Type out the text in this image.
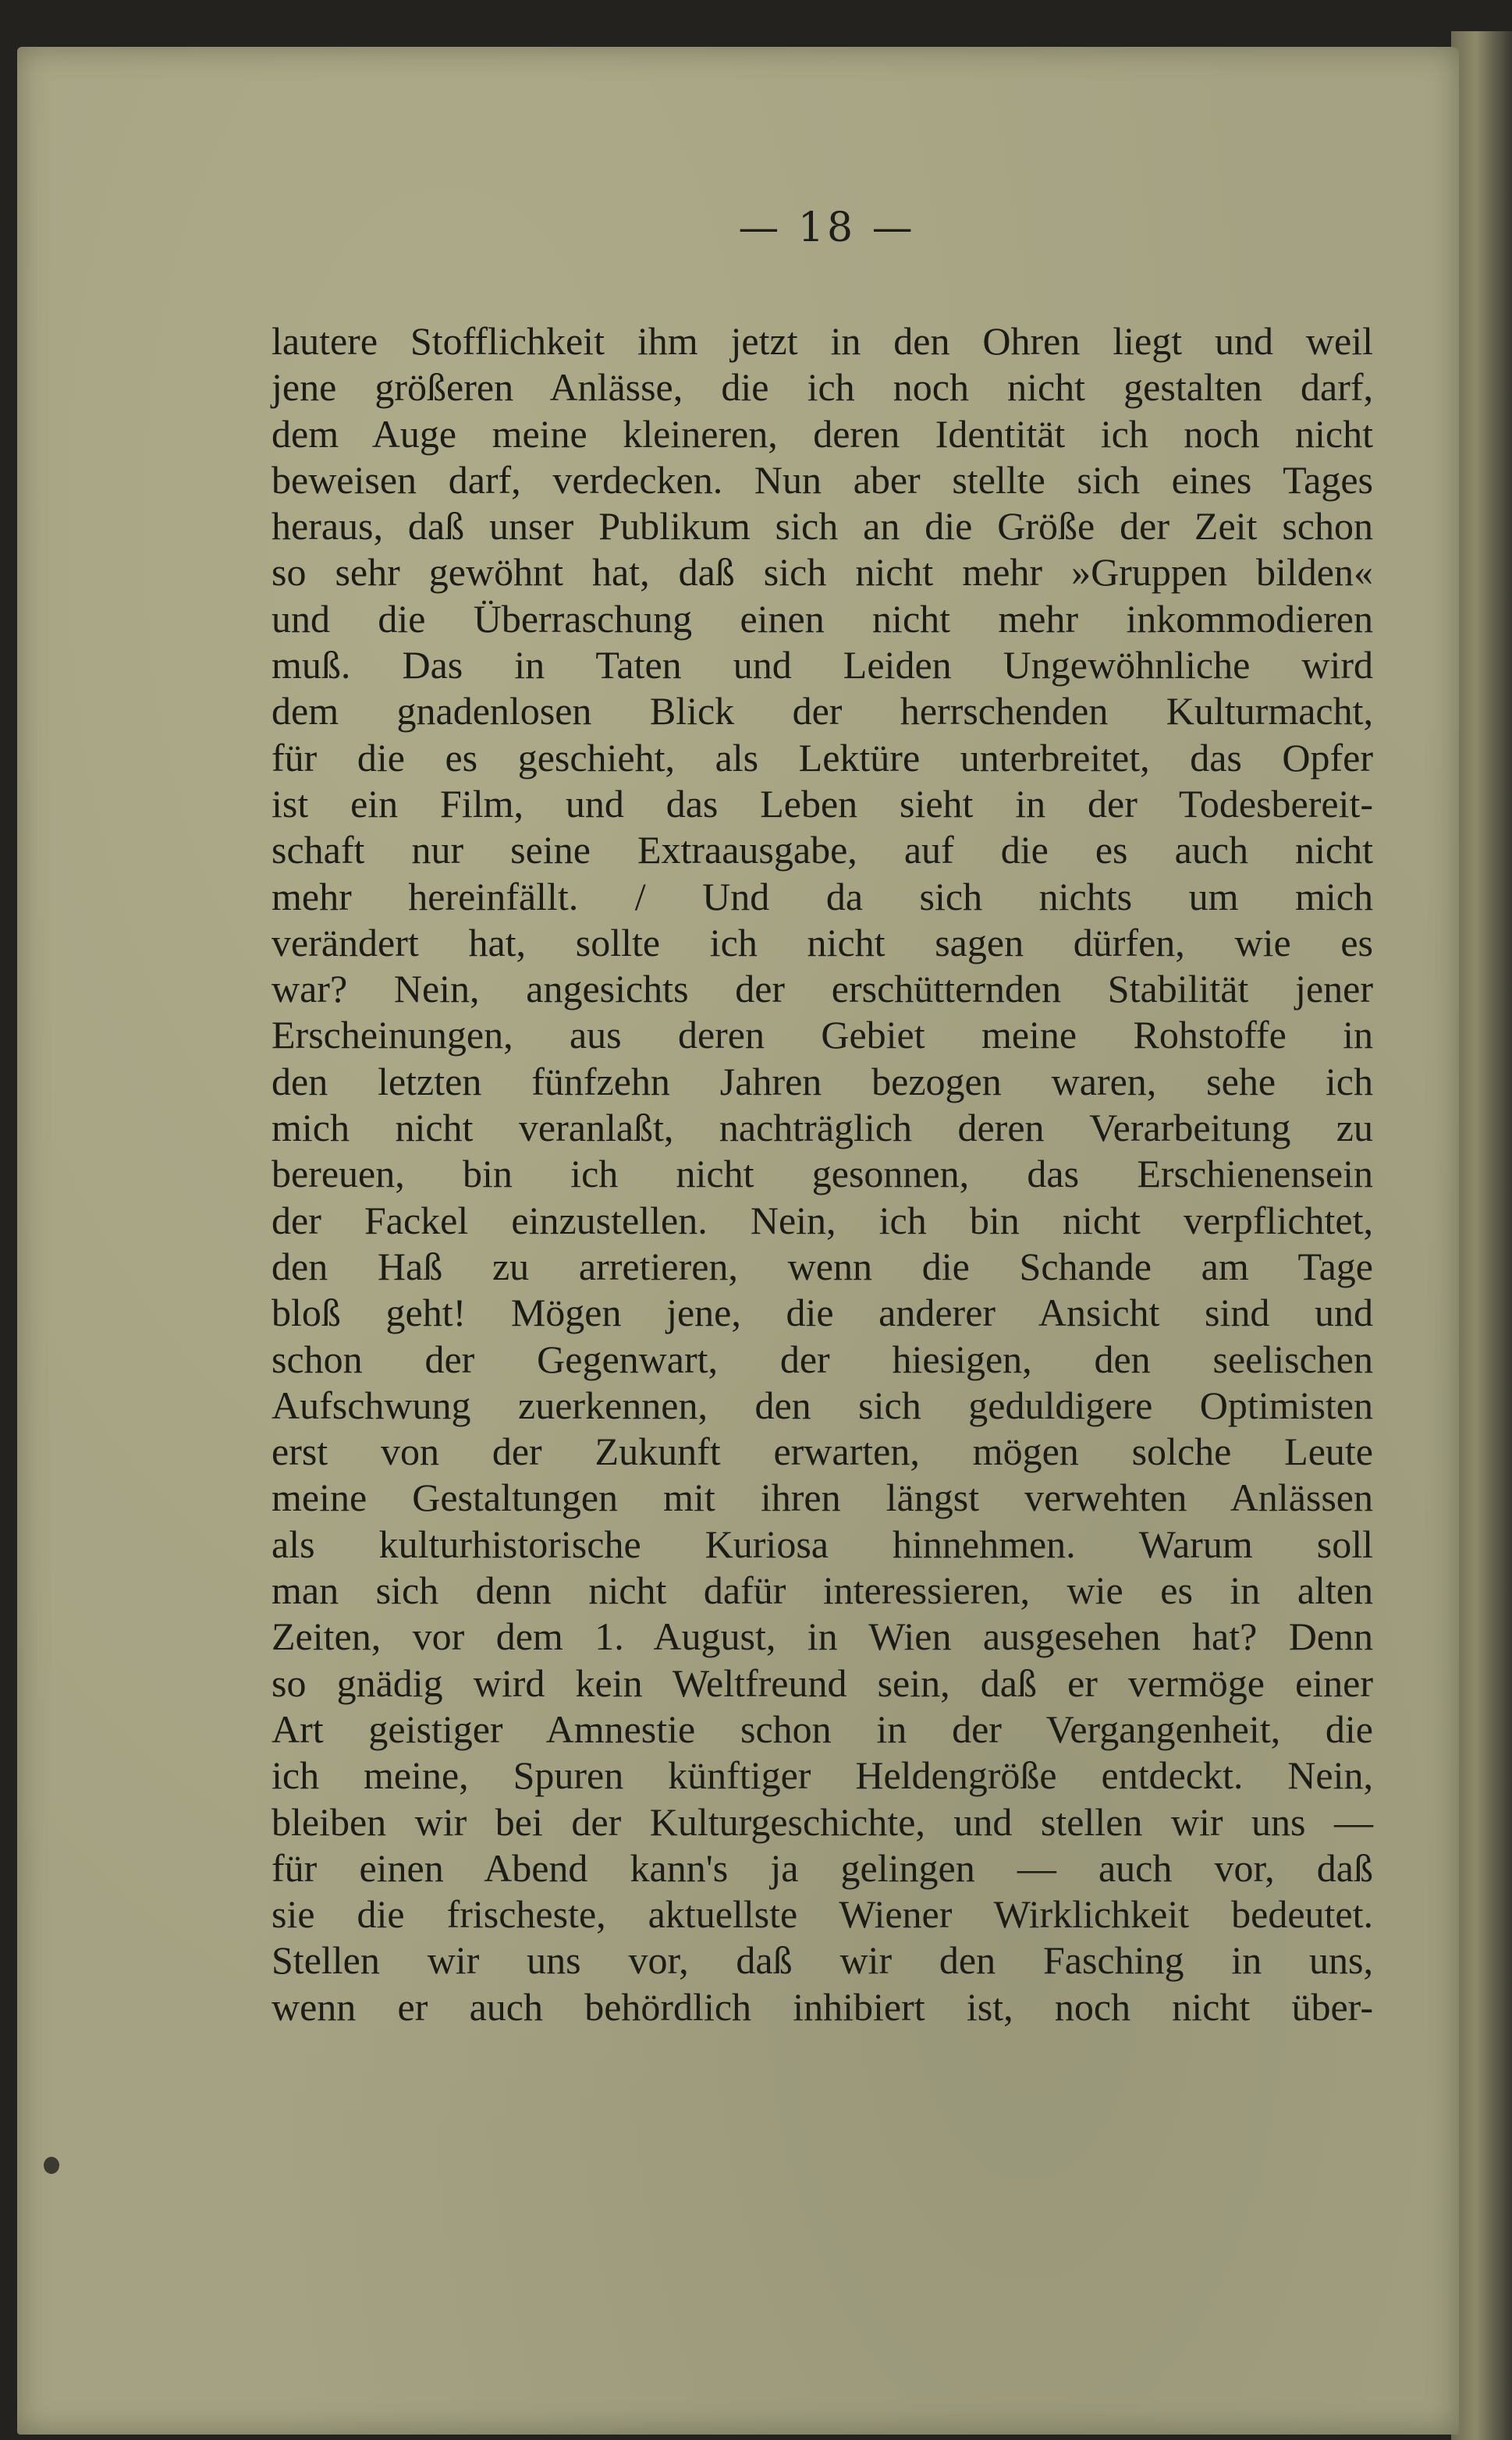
— 18 —
lautere Stofflichkeit ihm jetzt in den Ohren liegt und weil
jene größeren Anlässe, die ich noch nicht gestalten darf,
dem Auge meine kleineren, deren Identität ich noch nicht
beweisen darf, verdecken. Nun aber stellte sich eines Tages
heraus, daß unser Publikum sich an die Größe der Zeit schon
so sehr gewöhnt hat, daß sich nicht mehr »Gruppen bilden«
und die Überraschung einen nicht mehr inkommodieren
muß. Das in Taten und Leiden Ungewöhnliche wird
dem gnadenlosen Blick der herrschenden Kulturmacht,
für die es geschieht, als Lektüre unterbreitet, das Opfer
ist ein Film, und das Leben sieht in der Todesbereit-
schaft nur seine Extraausgabe, auf die es auch nicht
mehr hereinfällt. / Und da sich nichts um mich
verändert hat, sollte ich nicht sagen dürfen, wie es
war? Nein, angesichts der erschütternden Stabilität jener
Erscheinungen, aus deren Gebiet meine Rohstoffe in
den letzten fünfzehn Jahren bezogen waren, sehe ich
mich nicht veranlaßt, nachträglich deren Verarbeitung zu
bereuen, bin ich nicht gesonnen, das Erschienensein
der Fackel einzustellen. Nein, ich bin nicht verpflichtet,
den Haß zu arretieren, wenn die Schande am Tage
bloß geht! Mögen jene, die anderer Ansicht sind und
schon der Gegenwart, der hiesigen, den seelischen
Aufschwung zuerkennen, den sich geduldigere Optimisten
erst von der Zukunft erwarten, mögen solche Leute
meine Gestaltungen mit ihren längst verwehten Anlässen
als kulturhistorische Kuriosa hinnehmen. Warum soll
man sich denn nicht dafür interessieren, wie es in alten
Zeiten, vor dem 1. August, in Wien ausgesehen hat? Denn
so gnädig wird kein Weltfreund sein, daß er vermöge einer
Art geistiger Amnestie schon in der Vergangenheit, die
ich meine, Spuren künftiger Heldengröße entdeckt. Nein,
bleiben wir bei der Kulturgeschichte, und stellen wir uns —
für einen Abend kann's ja gelingen — auch vor, daß
sie die frischeste, aktuellste Wiener Wirklichkeit bedeutet.
Stellen wir uns vor, daß wir den Fasching in uns,
wenn er auch behördlich inhibiert ist, noch nicht über-
